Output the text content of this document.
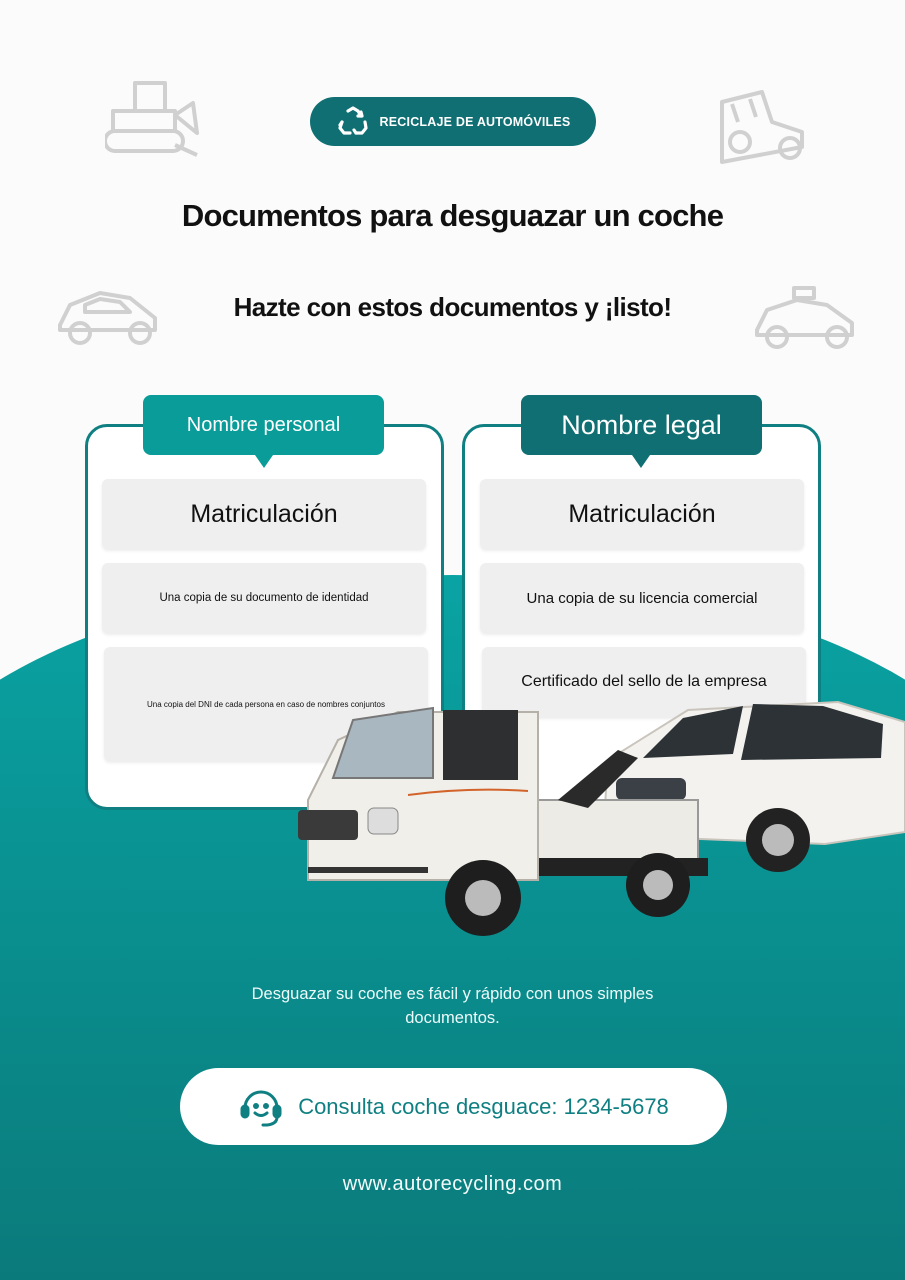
RECICLAJE DE AUTOMÓVILES
Documentos para desguazar un coche
Hazte con estos documentos y ¡listo!
Nombre personal
Matriculación
Una copia de su documento de identidad
Una copia del DNI de cada persona en caso de nombres conjuntos
Nombre legal
Matriculación
Una copia de su licencia comercial
Certificado del sello de la empresa
Desguazar su coche es fácil y rápido con unos simples documentos.
Consulta coche desguace: 1234-5678
www.autorecycling.com
